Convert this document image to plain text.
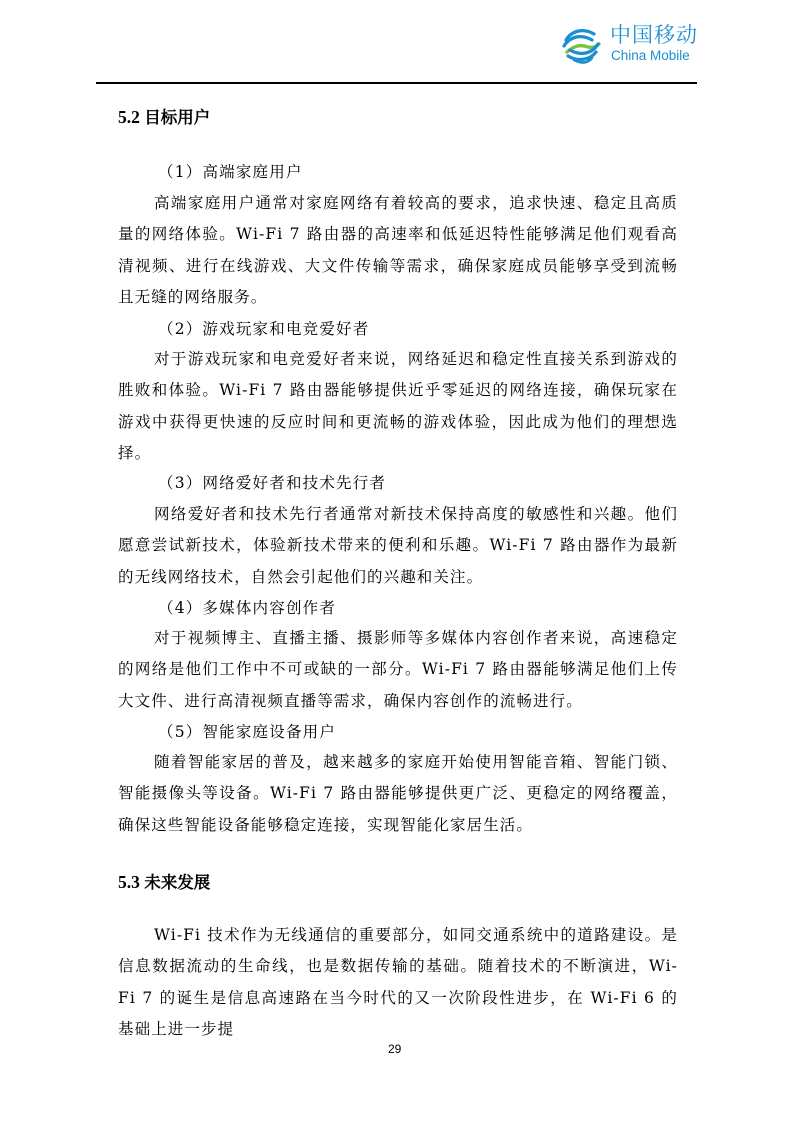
中国移动
China Mobile
5.2 目标用户
（1）高端家庭用户
高端家庭用户通常对家庭网络有着较高的要求，追求快速、稳定且高质量的网络体验。Wi-Fi 7 路由器的高速率和低延迟特性能够满足他们观看高清视频、进行在线游戏、大文件传输等需求，确保家庭成员能够享受到流畅且无缝的网络服务。
（2）游戏玩家和电竞爱好者
对于游戏玩家和电竞爱好者来说，网络延迟和稳定性直接关系到游戏的胜败和体验。Wi-Fi 7 路由器能够提供近乎零延迟的网络连接，确保玩家在游戏中获得更快速的反应时间和更流畅的游戏体验，因此成为他们的理想选择。
（3）网络爱好者和技术先行者
网络爱好者和技术先行者通常对新技术保持高度的敏感性和兴趣。他们愿意尝试新技术，体验新技术带来的便利和乐趣。Wi-Fi 7 路由器作为最新的无线网络技术，自然会引起他们的兴趣和关注。
（4）多媒体内容创作者
对于视频博主、直播主播、摄影师等多媒体内容创作者来说，高速稳定的网络是他们工作中不可或缺的一部分。Wi-Fi 7 路由器能够满足他们上传大文件、进行高清视频直播等需求，确保内容创作的流畅进行。
（5）智能家庭设备用户
随着智能家居的普及，越来越多的家庭开始使用智能音箱、智能门锁、智能摄像头等设备。Wi-Fi 7 路由器能够提供更广泛、更稳定的网络覆盖，确保这些智能设备能够稳定连接，实现智能化家居生活。
5.3 未来发展
Wi-Fi 技术作为无线通信的重要部分，如同交通系统中的道路建设。是信息数据流动的生命线，也是数据传输的基础。随着技术的不断演进，Wi-Fi 7 的诞生是信息高速路在当今时代的又一次阶段性进步，在 Wi-Fi 6 的基础上进一步提
29
